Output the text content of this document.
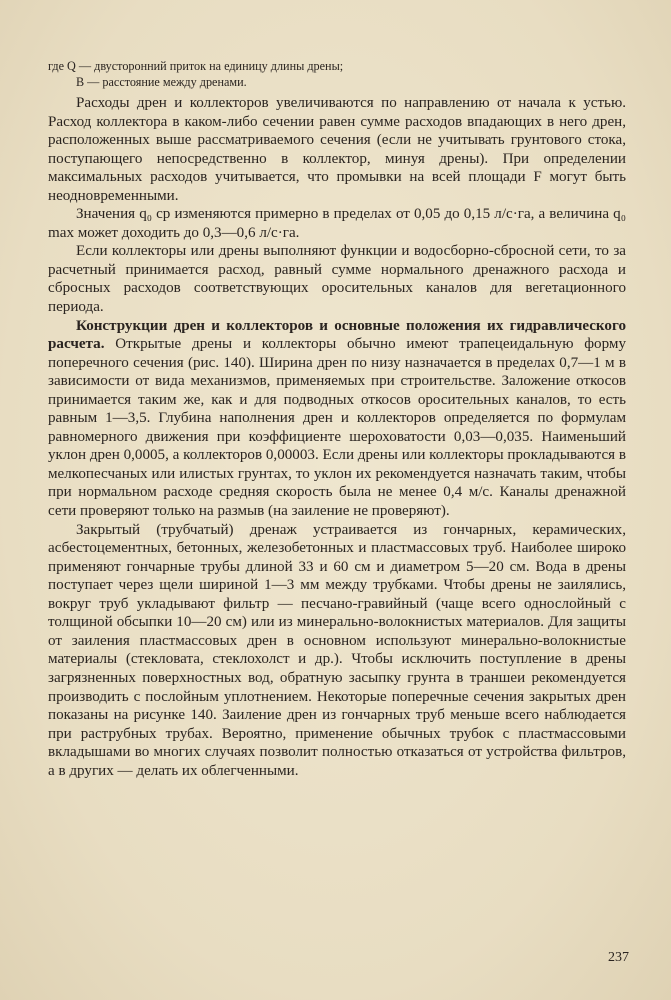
где Q — двусторонний приток на единицу длины дрены;
B — расстояние между дренами.

Расходы дрен и коллекторов увеличиваются по направлению от начала к устью. Расход коллектора в каком-либо сечении равен сумме расходов впадающих в него дрен, расположенных выше рассматриваемого сечения (если не учитывать грунтового стока, поступающего непосредственно в коллектор, минуя дрены). При определении максимальных расходов учитывается, что промывки на всей площади F могут быть неодновременными.

Значения q₀ cp изменяются примерно в пределах от 0,05 до 0,15 л/с·га, а величина q₀ max может доходить до 0,3—0,6 л/с·га.

Если коллекторы или дрены выполняют функции и водосборно-сбросной сети, то за расчетный принимается расход, равный сумме нормального дренажного расхода и сбросных расходов соответствующих оросительных каналов для вегетационного периода.

Конструкции дрен и коллекторов и основные положения их гидравлического расчета. Открытые дрены и коллекторы обычно имеют трапецеидальную форму поперечного сечения (рис. 140). Ширина дрен по низу назначается в пределах 0,7—1 м в зависимости от вида механизмов, применяемых при строительстве. Заложение откосов принимается таким же, как и для подводных откосов оросительных каналов, то есть равным 1—3,5. Глубина наполнения дрен и коллекторов определяется по формулам равномерного движения при коэффициенте шероховатости 0,03—0,035. Наименьший уклон дрен 0,0005, а коллекторов 0,00003. Если дрены или коллекторы прокладываются в мелкопесчаных или илистых грунтах, то уклон их рекомендуется назначать таким, чтобы при нормальном расходе средняя скорость была не менее 0,4 м/с. Каналы дренажной сети проверяют только на размыв (на заиление не проверяют).

Закрытый (трубчатый) дренаж устраивается из гончарных, керамических, асбестоцементных, бетонных, железобетонных и пластмассовых труб. Наиболее широко применяют гончарные трубы длиной 33 и 60 см и диаметром 5—20 см. Вода в дрены поступает через щели шириной 1—3 мм между трубками. Чтобы дрены не заилялись, вокруг труб укладывают фильтр — песчано-гравийный (чаще всего однослойный с толщиной обсыпки 10—20 см) или из минерально-волокнистых материалов. Для защиты от заиления пластмассовых дрен в основном используют минерально-волокнистые материалы (стекловата, стеклохолст и др.). Чтобы исключить поступление в дрены загрязненных поверхностных вод, обратную засыпку грунта в траншеи рекомендуется производить с послойным уплотнением. Некоторые поперечные сечения закрытых дрен показаны на рисунке 140. Заиление дрен из гончарных труб меньше всего наблюдается при раструбных трубах. Вероятно, применение обычных трубок с пластмассовыми вкладышами во многих случаях позволит полностью отказаться от устройства фильтров, а в других — делать их облегченными.

237
